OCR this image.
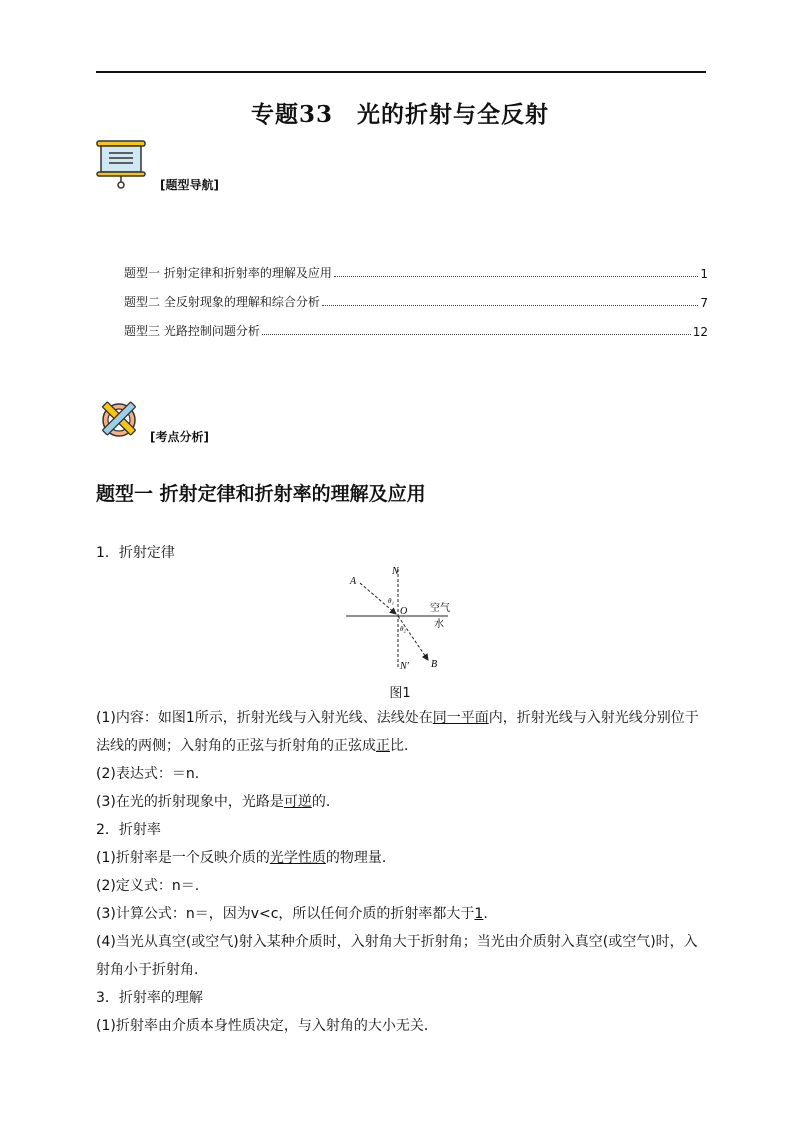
专题33　光的折射与全反射
[题型导航]
题型一 折射定律和折射率的理解及应用	1
题型二 全反射现象的理解和综合分析	7
题型三 光路控制问题分析	12
[考点分析]
题型一 折射定律和折射率的理解及应用
1．折射定律
A
N
θ₁
O 空气
θ₂	水
N′ B
图1
(1)内容：如图1所示，折射光线与入射光线、法线处在同一平面内，折射光线与入射光线分别位于
法线的两侧；入射角的正弦与折射角的正弦成正比．
(2)表达式：＝n.
(3)在光的折射现象中，光路是可逆的．
2．折射率
(1)折射率是一个反映介质的光学性质的物理量．
(2)定义式：n＝.
(3)计算公式：n＝，因为v<c，所以任何介质的折射率都大于1.
(4)当光从真空(或空气)射入某种介质时，入射角大于折射角；当光由介质射入真空(或空气)时，入
射角小于折射角．
3．折射率的理解
(1)折射率由介质本身性质决定，与入射角的大小无关．
